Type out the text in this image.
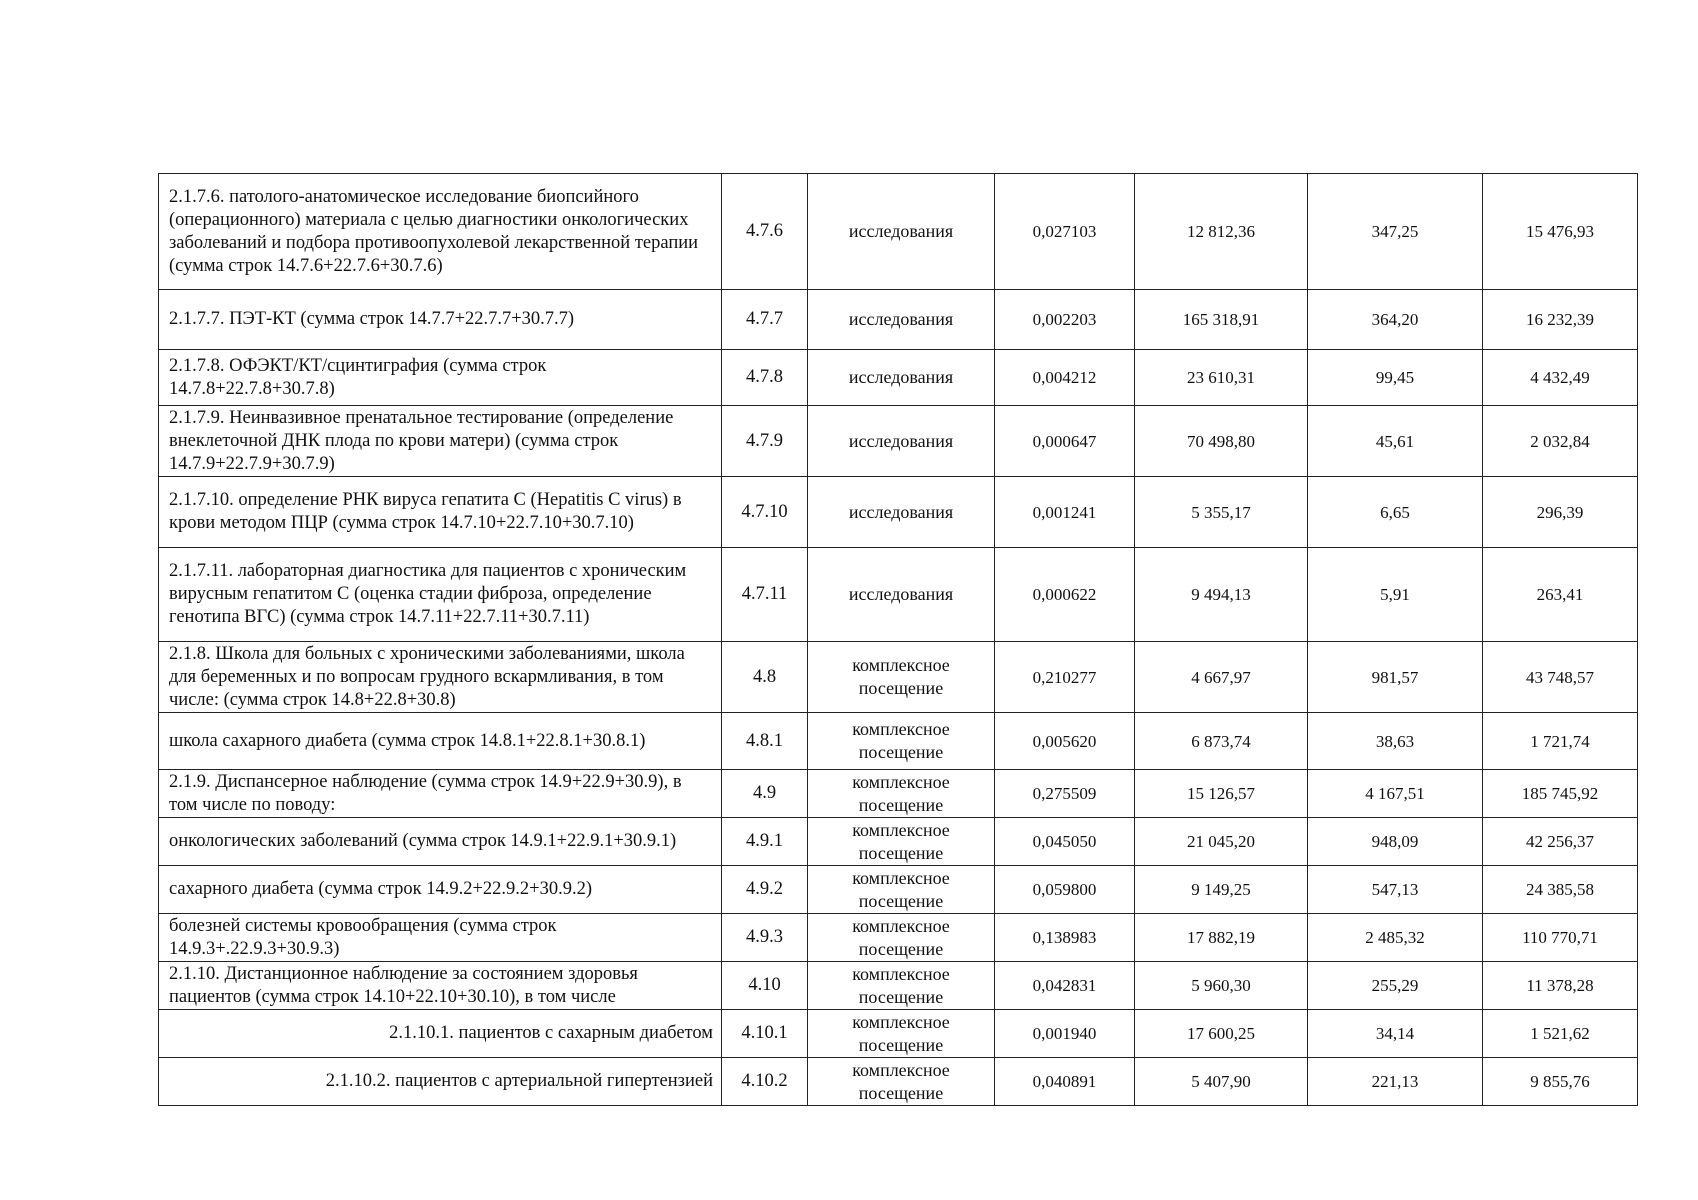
2.1.7.6. патолого-анатомическое исследование биопсийного (операционного) материала с целью диагностики онкологических заболеваний и подбора противоопухолевой лекарственной терапии (сумма строк 14.7.6+22.7.6+30.7.6)	4.7.6	исследования	0,027103	12 812,36	347,25	15 476,93
2.1.7.7. ПЭТ-КТ (сумма строк 14.7.7+22.7.7+30.7.7)	4.7.7	исследования	0,002203	165 318,91	364,20	16 232,39
2.1.7.8. ОФЭКТ/КТ/сцинтиграфия (сумма строк 14.7.8+22.7.8+30.7.8)	4.7.8	исследования	0,004212	23 610,31	99,45	4 432,49
2.1.7.9. Неинвазивное пренатальное тестирование (определение внеклеточной ДНК плода по крови матери) (сумма строк 14.7.9+22.7.9+30.7.9)	4.7.9	исследования	0,000647	70 498,80	45,61	2 032,84
2.1.7.10. определение РНК вируса гепатита С (Hepatitis C virus) в крови методом ПЦР (сумма строк 14.7.10+22.7.10+30.7.10)	4.7.10	исследования	0,001241	5 355,17	6,65	296,39
2.1.7.11. лабораторная диагностика для пациентов с хроническим вирусным гепатитом С (оценка стадии фиброза, определение генотипа ВГС) (сумма строк 14.7.11+22.7.11+30.7.11)	4.7.11	исследования	0,000622	9 494,13	5,91	263,41
2.1.8. Школа для больных с хроническими заболеваниями, школа для беременных и по вопросам грудного вскармливания, в том числе: (сумма строк 14.8+22.8+30.8)	4.8	комплексное посещение	0,210277	4 667,97	981,57	43 748,57
школа сахарного диабета (сумма строк 14.8.1+22.8.1+30.8.1)	4.8.1	комплексное посещение	0,005620	6 873,74	38,63	1 721,74
2.1.9. Диспансерное наблюдение (сумма строк 14.9+22.9+30.9), в том числе по поводу:	4.9	комплексное посещение	0,275509	15 126,57	4 167,51	185 745,92
онкологических заболеваний (сумма строк 14.9.1+22.9.1+30.9.1)	4.9.1	комплексное посещение	0,045050	21 045,20	948,09	42 256,37
сахарного диабета (сумма строк 14.9.2+22.9.2+30.9.2)	4.9.2	комплексное посещение	0,059800	9 149,25	547,13	24 385,58
болезней системы кровообращения (сумма строк 14.9.3+.22.9.3+30.9.3)	4.9.3	комплексное посещение	0,138983	17 882,19	2 485,32	110 770,71
2.1.10. Дистанционное наблюдение за состоянием здоровья пациентов (сумма строк 14.10+22.10+30.10), в том числе	4.10	комплексное посещение	0,042831	5 960,30	255,29	11 378,28
2.1.10.1. пациентов с сахарным диабетом	4.10.1	комплексное посещение	0,001940	17 600,25	34,14	1 521,62
2.1.10.2. пациентов с артериальной гипертензией	4.10.2	комплексное посещение	0,040891	5 407,90	221,13	9 855,76
